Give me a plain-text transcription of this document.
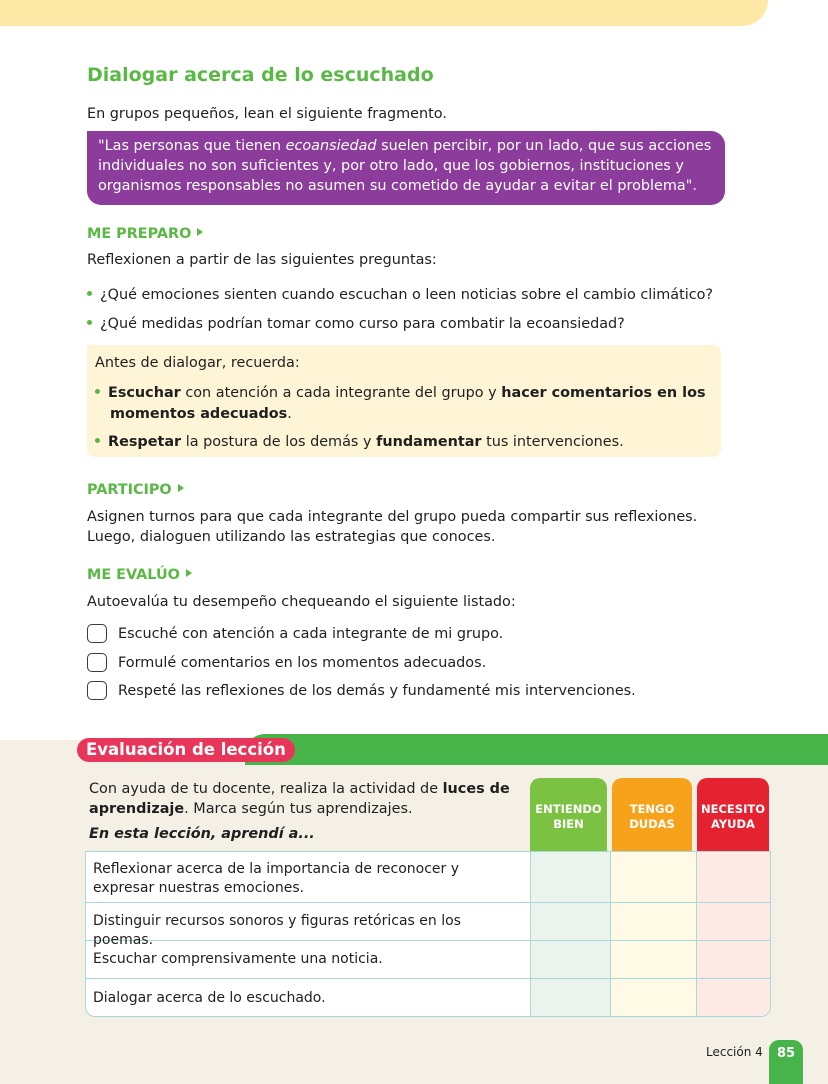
Dialogar acerca de lo escuchado

En grupos pequeños, lean el siguiente fragmento.

"Las personas que tienen ecoansiedad suelen percibir, por un lado, que sus acciones individuales no son suficientes y, por otro lado, que los gobiernos, instituciones y organismos responsables no asumen su cometido de ayudar a evitar el problema".
ME PREPARO

Reflexionen a partir de las siguientes preguntas:

¿Qué emociones sienten cuando escuchan o leen noticias sobre el cambio climático?
¿Qué medidas podrían tomar como curso para combatir la ecoansiedad?
Antes de dialogar, recuerda:
Escuchar con atención a cada integrante del grupo y hacer comentarios en los
momentos adecuados.
Respetar la postura de los demás y fundamentar tus intervenciones.
PARTICIPO

Asignen turnos para que cada integrante del grupo pueda compartir sus reflexiones.

Luego, dialoguen utilizando las estrategias que conoces.

ME EVALÚO

Autoevalúa tu desempeño chequeando el siguiente listado:

Escuché con atención a cada integrante de mi grupo.
Formulé comentarios en los momentos adecuados.
Respeté las reflexiones de los demás y fundamenté mis intervenciones.
Evaluación de lección

Con ayuda de tu docente, realiza la actividad de luces de aprendizaje. Marca según tus aprendizajes.

En esta lección, aprendí a...

ENTIENDO
BIEN
TENGO
DUDAS
NECESITO
AYUDA
Reflexionar acerca de la importancia de reconocer y expresar nuestras emociones.
Distinguir recursos sonoros y figuras retóricas en los poemas.
Escuchar comprensivamente una noticia.
Dialogar acerca de lo escuchado.
Lección 4	85
